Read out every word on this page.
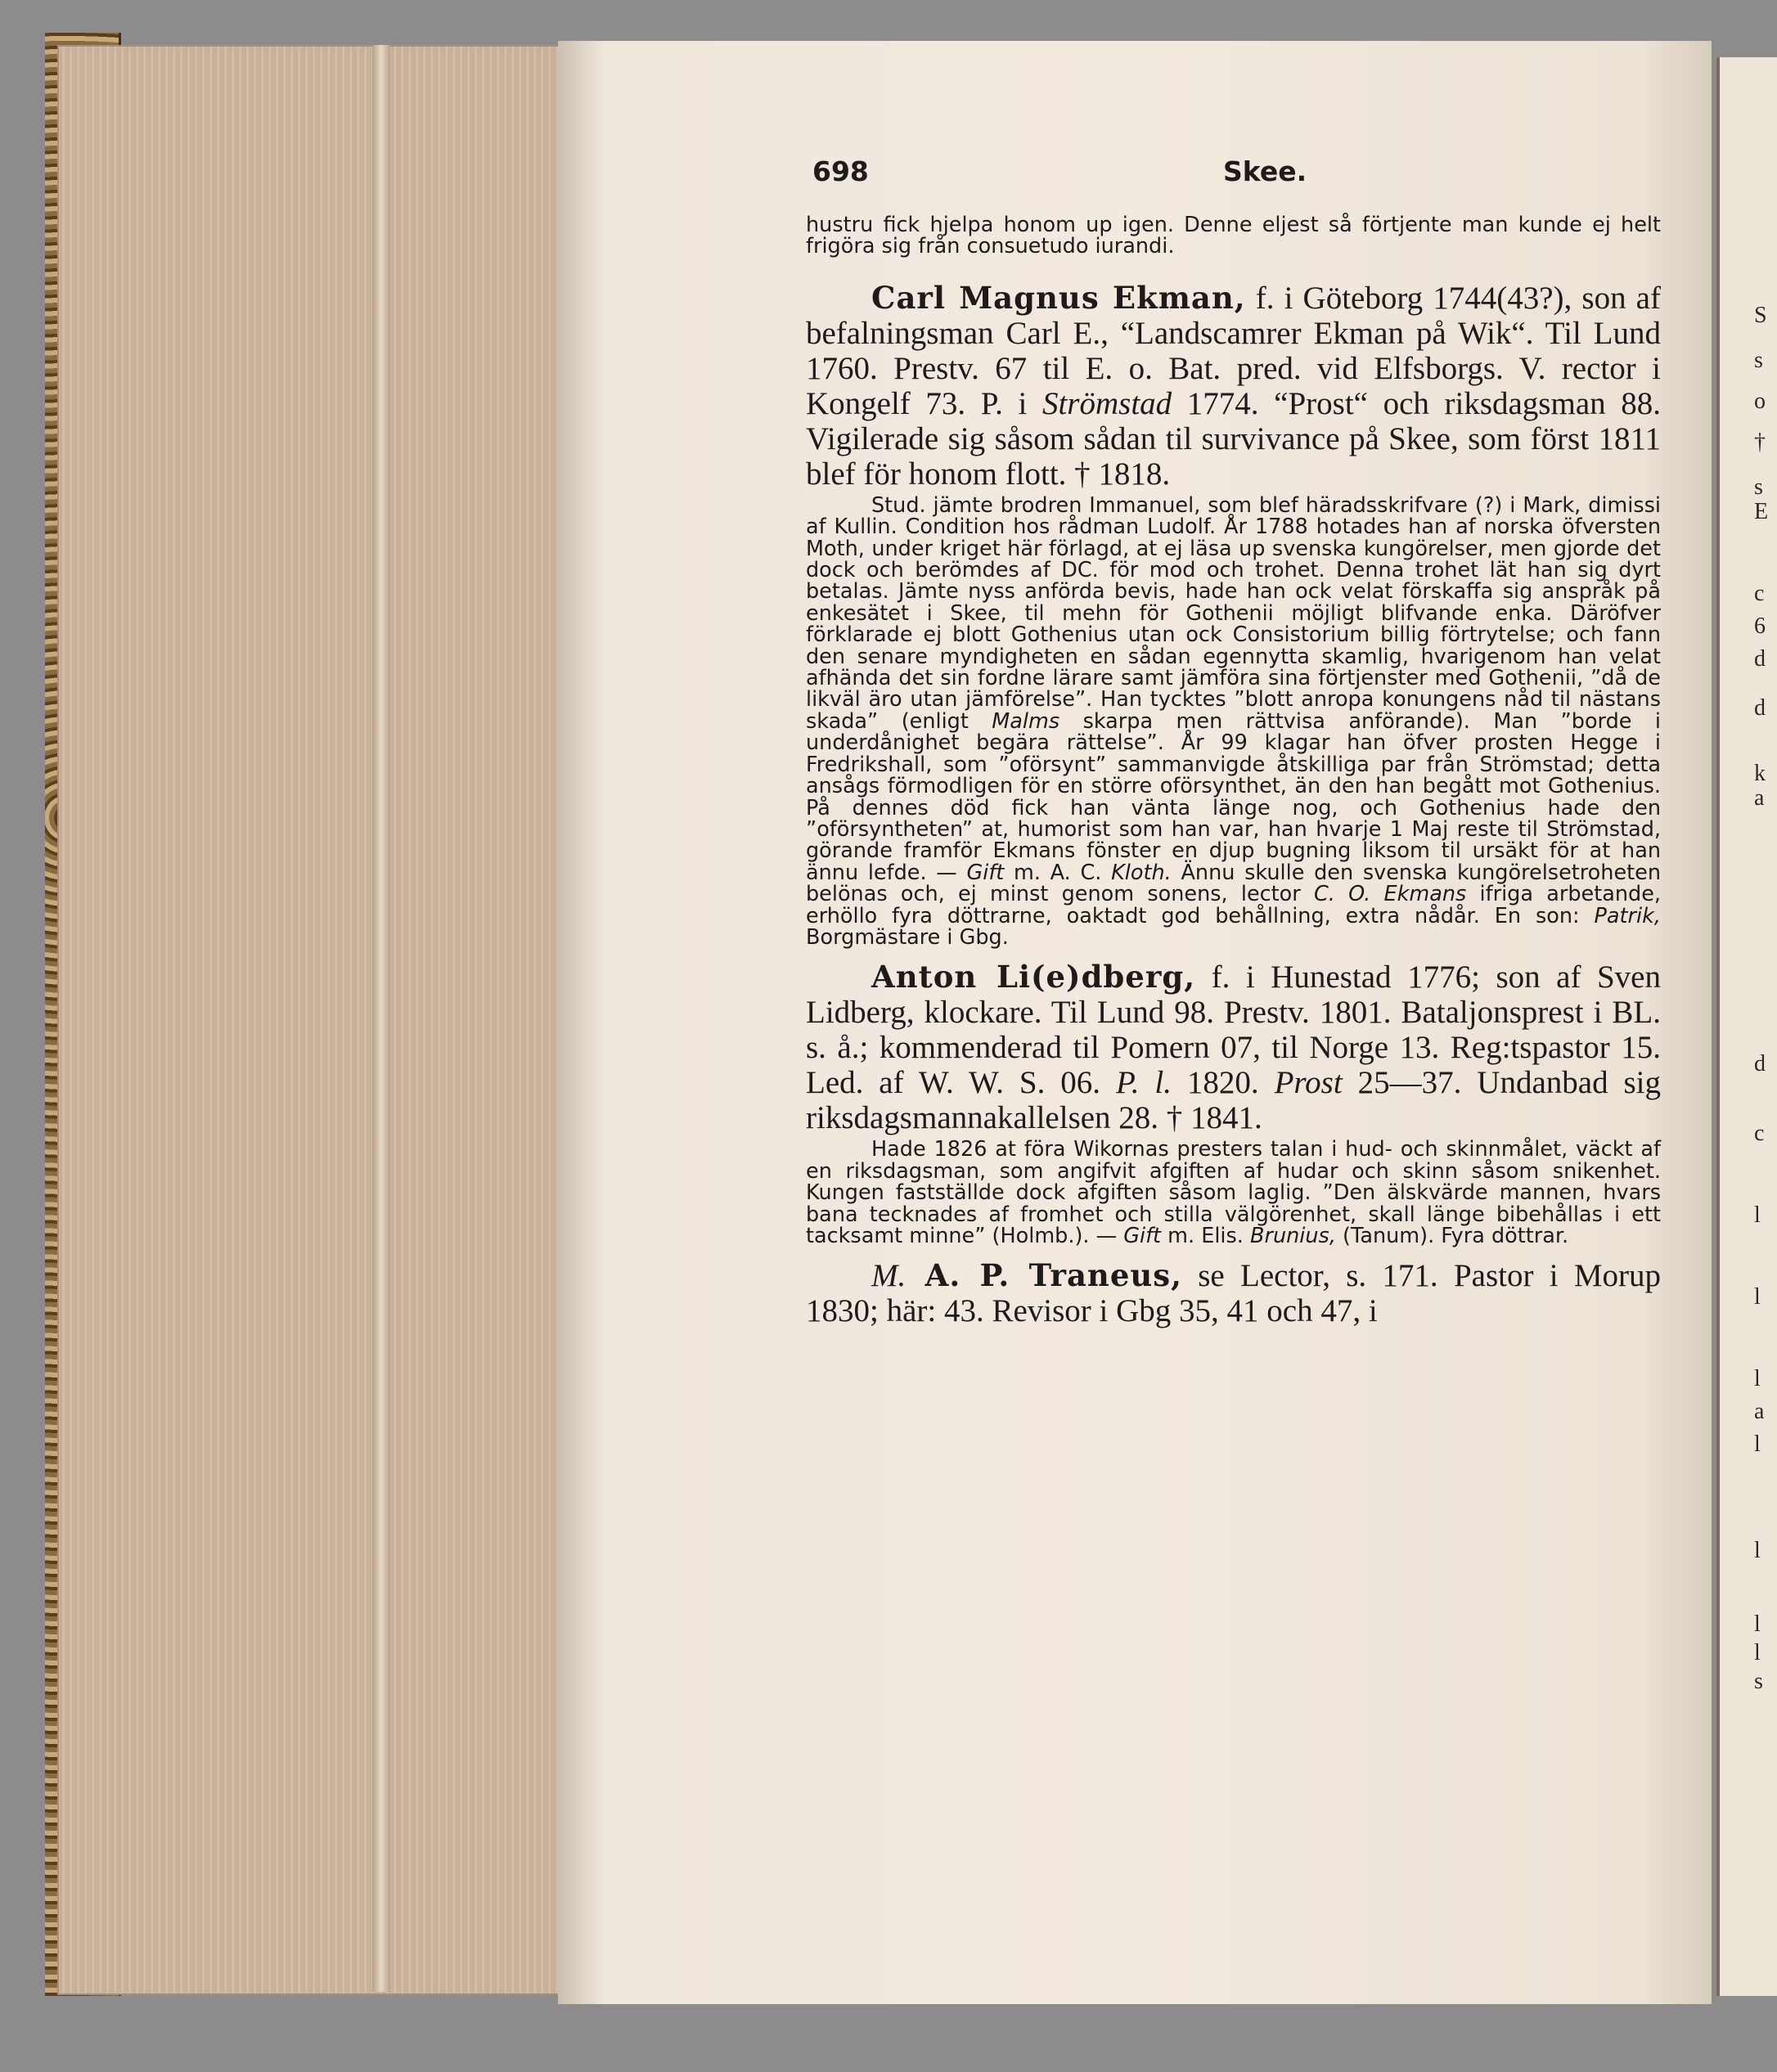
S
s
o
†
s
E
c
6
d
d
k
a
d
c
l
l
l
a
l
l
l
l
s
698	Skee.

hustru fick hjelpa honom up igen. Denne eljest så förtjente man kunde ej helt frigöra sig från consuetudo iurandi.

Carl Magnus Ekman, f. i Göteborg 1744(43?), son af befalningsman Carl E., “Landscamrer Ekman på Wik“. Til Lund 1760. Prestv. 67 til E. o. Bat. pred. vid Elfsborgs. V. rector i Kongelf 73. P. i Strömstad 1774. “Prost“ och riksdagsman 88. Vigilerade sig såsom sådan til survivance på Skee, som först 1811 blef för honom flott. † 1818.

Stud. jämte brodren Immanuel, som blef häradsskrifvare (?) i Mark, dimissi af Kullin. Condition hos rådman Ludolf. År 1788 hotades han af norska öfversten Moth, under kriget här förlagd, at ej läsa up svenska kungörelser, men gjorde det dock och berömdes af DC. för mod och trohet. Denna trohet lät han sig dyrt betalas. Jämte nyss anförda bevis, hade han ock velat förskaffa sig anspråk på enkesätet i Skee, til mehn för Gothenii möjligt blifvande enka. Däröfver förklarade ej blott Gothenius utan ock Consistorium billig förtrytelse; och fann den senare myndigheten en sådan egennytta skamlig, hvarigenom han velat afhända det sin fordne lärare samt jämföra sina förtjenster med Gothenii, ”då de likväl äro utan jämförelse”. Han tycktes ”blott anropa konungens nåd til nästans skada” (enligt Malms skarpa men rättvisa anförande). Man ”borde i underdånighet begära rättelse”. År 99 klagar han öfver prosten Hegge i Fredrikshall, som ”oförsynt” sammanvigde åtskilliga par från Strömstad; detta ansågs förmodligen för en större oförsynthet, än den han begått mot Gothenius. På dennes död fick han vänta länge nog, och Gothenius hade den ”oförsyntheten” at, humorist som han var, han hvarje 1 Maj reste til Strömstad, görande framför Ekmans fönster en djup bugning liksom til ursäkt för at han ännu lefde. — Gift m. A. C. Kloth. Ännu skulle den svenska kungörelsetroheten belönas och, ej minst genom sonens, lector C. O. Ekmans ifriga arbetande, erhöllo fyra döttrarne, oaktadt god behållning, extra nådår. En son: Patrik, Borgmästare i Gbg.

Anton Li(e)dberg, f. i Hunestad 1776; son af Sven Lidberg, klockare. Til Lund 98. Prestv. 1801. Bataljonsprest i BL. s. å.; kommenderad til Pomern 07, til Norge 13. Reg:tspastor 15. Led. af W. W. S. 06. P. l. 1820. Prost 25—37. Undanbad sig riksdagsmannakallelsen 28. † 1841.

Hade 1826 at föra Wikornas presters talan i hud- och skinnmålet, väckt af en riksdagsman, som angifvit afgiften af hudar och skinn såsom snikenhet. Kungen fastställde dock afgiften såsom laglig. ”Den älskvärde mannen, hvars bana tecknades af fromhet och stilla välgörenhet, skall länge bibehållas i ett tacksamt minne” (Holmb.). — Gift m. Elis. Brunius, (Tanum). Fyra döttrar.

M. A. P. Traneus, se Lector, s. 171. Pastor i Morup 1830; här: 43. Revisor i Gbg 35, 41 och 47, i
